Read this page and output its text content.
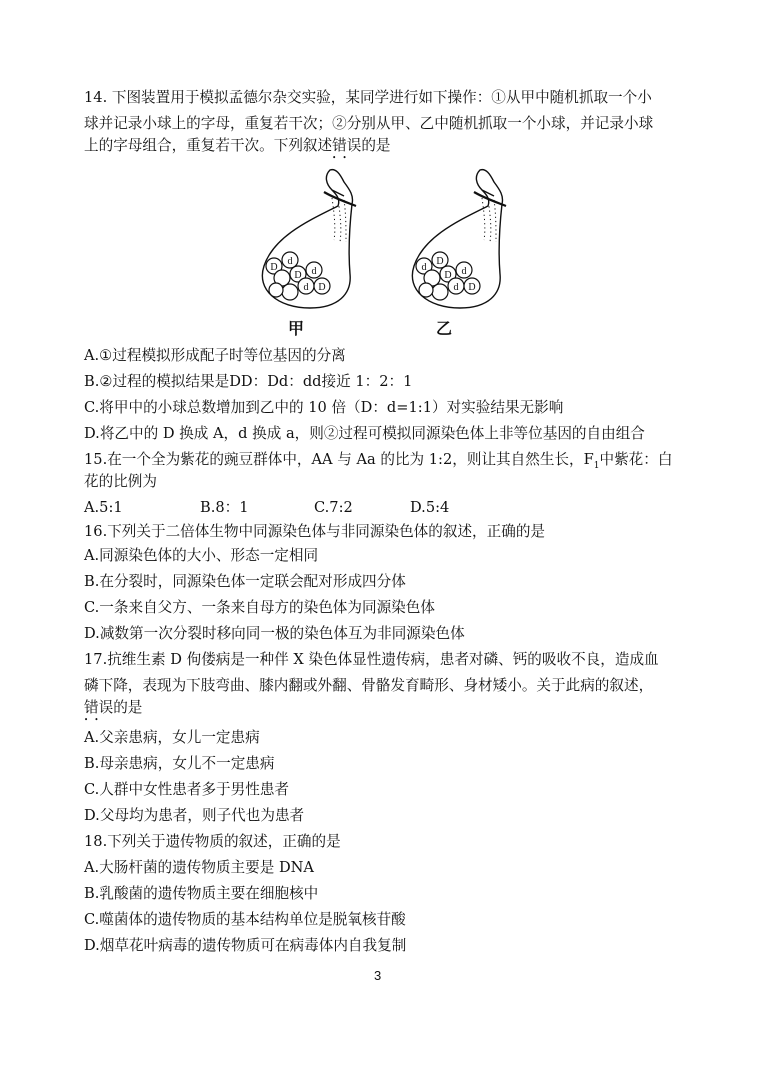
14. 下图装置用于模拟孟德尔杂交实验，某同学进行如下操作：①从甲中随机抓取一个小
球并记录小球上的字母，重复若干次；②分别从甲、乙中随机抓取一个小球，并记录小球
上的字母组合，重复若干次。下列叙述错误 • •的是
d
D
D d
d D
D
d
D d
d D
甲	乙
A.①过程模拟形成配子时等位基因的分离
B.②过程的模拟结果是DD：Dd：dd接近 1：2：1
C.将甲中的小球总数增加到乙中的 10 倍（D：d=1:1）对实验结果无影响
D.将乙中的 D 换成 A，d 换成 a，则②过程可模拟同源染色体上非等位基因的自由组合
15.在一个全为紫花的豌豆群体中，AA 与 Aa 的比为 1:2，则让其自然生长，$F_1$中紫花：白
花的比例为
A.5:1	B.8：1	C.7:2	D.5:4
16.下列关于二倍体生物中同源染色体与非同源染色体的叙述，正确的是
A.同源染色体的大小、形态一定相同
B.在分裂时，同源染色体一定联会配对形成四分体
C.一条来自父方、一条来自母方的染色体为同源染色体
D.减数第一次分裂时移向同一极的染色体互为非同源染色体
17.抗维生素 D 佝偻病是一种伴 X 染色体显性遗传病，患者对磷、钙的吸收不良，造成血
磷下降，表现为下肢弯曲、膝内翻或外翻、骨骼发育畸形、身材矮小。关于此病的叙述，
错误 • •的是
A.父亲患病，女儿一定患病
B.母亲患病，女儿不一定患病
C.人群中女性患者多于男性患者
D.父母均为患者，则子代也为患者
18.下列关于遗传物质的叙述，正确的是
A.大肠杆菌的遗传物质主要是 DNA
B.乳酸菌的遗传物质主要在细胞核中
C.噬菌体的遗传物质的基本结构单位是脱氧核苷酸
D.烟草花叶病毒的遗传物质可在病毒体内自我复制
3
